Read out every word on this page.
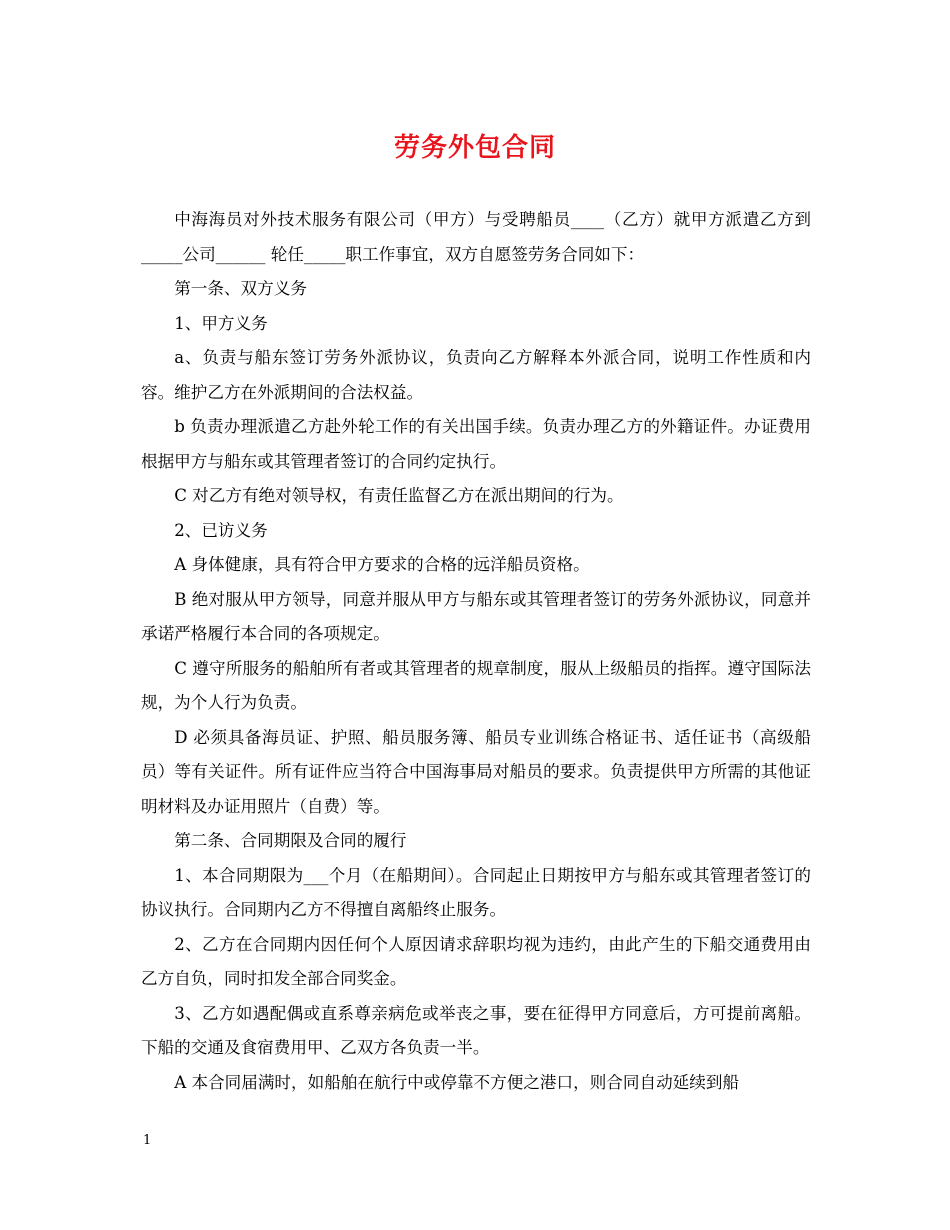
劳务外包合同

中海海员对外技术服务有限公司（甲方）与受聘船员____（乙方）就甲方派遣乙方到_____公司______ 轮任_____职工作事宜，双方自愿签劳务合同如下：

第一条、双方义务

1、甲方义务

a、负责与船东签订劳务外派协议，负责向乙方解释本外派合同，说明工作性质和内容。维护乙方在外派期间的合法权益。

b 负责办理派遣乙方赴外轮工作的有关出国手续。负责办理乙方的外籍证件。办证费用根据甲方与船东或其管理者签订的合同约定执行。

C 对乙方有绝对领导权，有责任监督乙方在派出期间的行为。

2、已访义务

A 身体健康，具有符合甲方要求的合格的远洋船员资格。

B 绝对服从甲方领导，同意并服从甲方与船东或其管理者签订的劳务外派协议，同意并承诺严格履行本合同的各项规定。

C 遵守所服务的船舶所有者或其管理者的规章制度，服从上级船员的指挥。遵守国际法规，为个人行为负责。

D 必须具备海员证、护照、船员服务簿、船员专业训练合格证书、适任证书（高级船员）等有关证件。所有证件应当符合中国海事局对船员的要求。负责提供甲方所需的其他证明材料及办证用照片（自费）等。

第二条、合同期限及合同的履行

1、本合同期限为___个月（在船期间）。合同起止日期按甲方与船东或其管理者签订的协议执行。合同期内乙方不得擅自离船终止服务。

2、乙方在合同期内因任何个人原因请求辞职均视为违约，由此产生的下船交通费用由乙方自负，同时扣发全部合同奖金。

3、乙方如遇配偶或直系尊亲病危或举丧之事，要在征得甲方同意后，方可提前离船。下船的交通及食宿费用甲、乙双方各负责一半。

A 本合同届满时，如船舶在航行中或停靠不方便之港口，则合同自动延续到船

1
